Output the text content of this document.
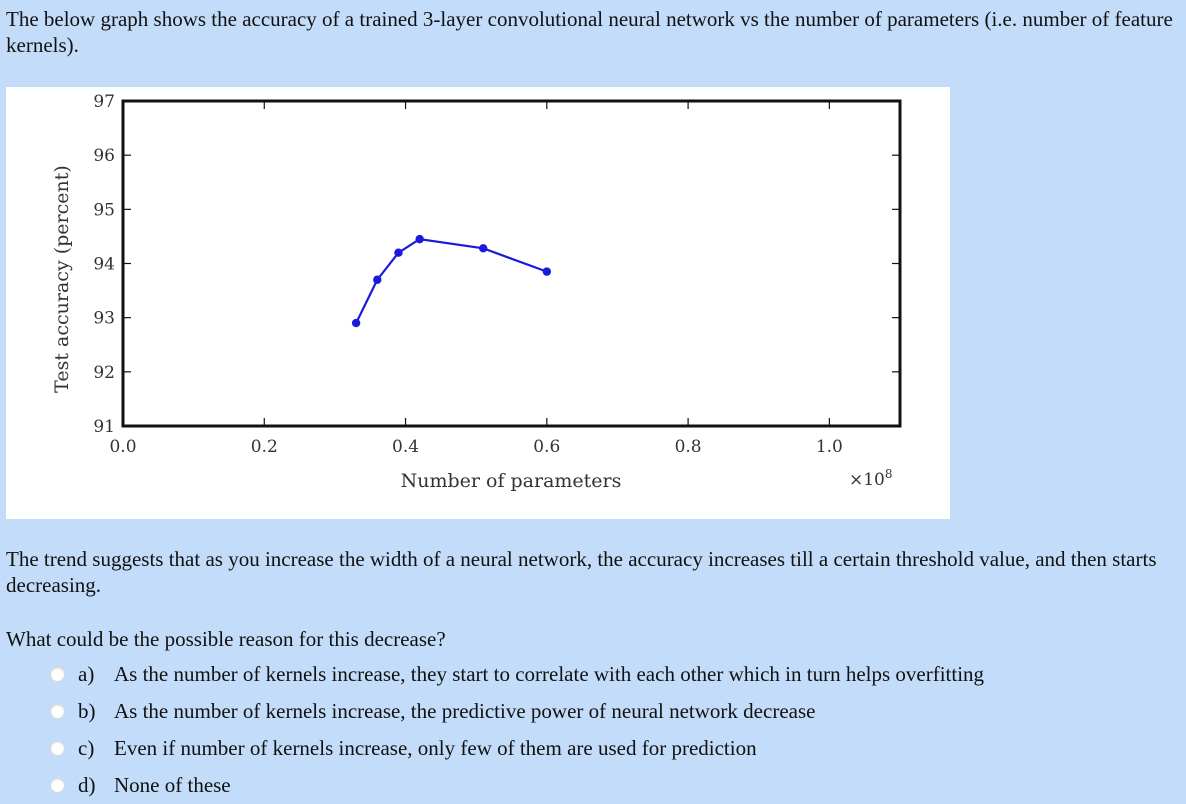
The below graph shows the accuracy of a trained 3-layer convolutional neural network vs the number of parameters (i.e. number of feature kernels).
0.0	0.2	0.4	0.6	0.8	1.0
91
92
93
94
95
96
97
Number of parameters
Test accuracy (percent)
$\times 10^8$
The trend suggests that as you increase the width of a neural network, the accuracy increases till a certain threshold value, and then starts decreasing.
What could be the possible reason for this decrease?
a) As the number of kernels increase, they start to correlate with each other which in turn helps overfitting
b) As the number of kernels increase, the predictive power of neural network decrease
c) Even if number of kernels increase, only few of them are used for prediction
d) None of these
